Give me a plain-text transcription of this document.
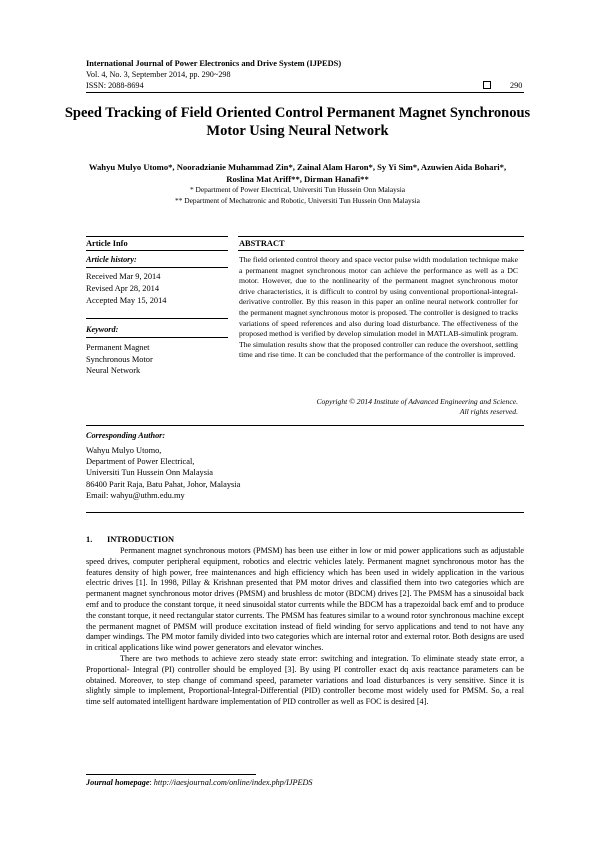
International Journal of Power Electronics and Drive System (IJPEDS)
Vol. 4, No. 3, September 2014, pp. 290~298
ISSN: 2088-8694	290
Speed Tracking of Field Oriented Control Permanent Magnet Synchronous Motor Using Neural Network
Wahyu Mulyo Utomo*, Nooradzianie Muhammad Zin*, Zainal Alam Haron*, Sy Yi Sim*, Azuwien Aida Bohari*, Roslina Mat Ariff**, Dirman Hanafi**
* Department of Power Electrical, Universiti Tun Hussein Onn Malaysia
** Department of Mechatronic and Robotic, Universiti Tun Hussein Onn Malaysia
Article Info	ABSTRACT
Article history:
Received Mar 9, 2014
Revised Apr 28, 2014
Accepted May 15, 2014
Keyword:
Permanent Magnet
Synchronous Motor
Neural Network
The field oriented control theory and space vector pulse width modulation technique make a permanent magnet synchronous motor can achieve the performance as well as a DC motor. However, due to the nonlinearity of the permanent magnet synchronous motor drive characteristics, it is difficult to control by using conventional proportional-integral-derivative controller. By this reason in this paper an online neural network controller for the permanent magnet synchronous motor is proposed. The controller is designed to tracks variations of speed references and also during load disturbance. The effectiveness of the proposed method is verified by develop simulation model in MATLAB-simulink program. The simulation results show that the proposed controller can reduce the overshoot, settling time and rise time. It can be concluded that the performance of the controller is improved.
Copyright © 2014 Institute of Advanced Engineering and Science.
All rights reserved.
Corresponding Author:
Wahyu Mulyo Utomo,
Department of Power Electrical,
Universiti Tun Hussein Onn Malaysia
86400 Parit Raja, Batu Pahat, Johor, Malaysia
Email: wahyu@uthm.edu.my
1. INTRODUCTION

Permanent magnet synchronous motors (PMSM) has been use either in low or mid power applications such as adjustable speed drives, computer peripheral equipment, robotics and electric vehicles lately. Permanent magnet synchronous motor has the features density of high power, free maintenances and high efficiency which has been used in widely application in the various electric drives [1]. In 1998, Pillay & Krishnan presented that PM motor drives and classified them into two categories which are permanent magnet synchronous motor drives (PMSM) and brushless dc motor (BDCM) drives [2]. The PMSM has a sinusoidal back emf and to produce the constant torque, it need sinusoidal stator currents while the BDCM has a trapezoidal back emf and to produce the constant torque, it need rectangular stator currents. The PMSM has features similar to a wound rotor synchronous machine except the permanent magnet of PMSM will produce excitation instead of field winding for servo applications and tend to not have any damper windings. The PM motor family divided into two categories which are internal rotor and external rotor. Both designs are used in critical applications like wind power generators and elevator winches.

There are two methods to achieve zero steady state error: switching and integration. To eliminate steady state error, a Proportional- Integral (PI) controller should be employed [3]. By using PI controller exact dq axis reactance parameters can be obtained. Moreover, to step change of command speed, parameter variations and load disturbances is very sensitive. Since it is slightly simple to implement, Proportional-Integral-Differential (PID) controller become most widely used for PMSM. So, a real time self automated intelligent hardware implementation of PID controller as well as FOC is desired [4].

Journal homepage: http://iaesjournal.com/online/index.php/IJPEDS
